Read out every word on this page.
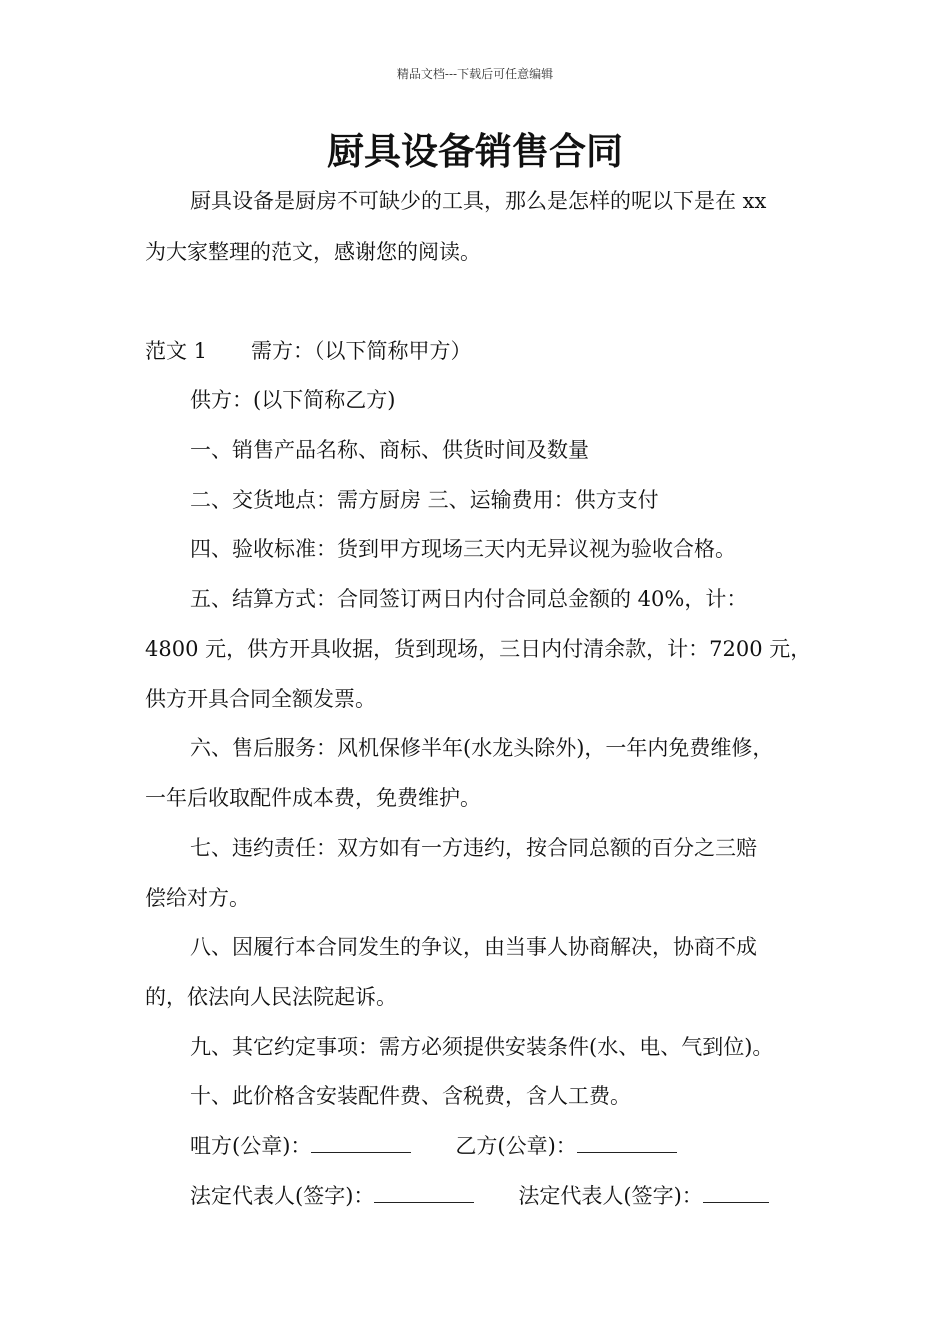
精品文档---下载后可任意编辑
厨具设备销售合同
厨具设备是厨房不可缺少的工具，那么是怎样的呢以下是在 xx
为大家整理的范文，感谢您的阅读。
范文 1 需方：（以下简称甲方）
供方：(以下简称乙方)
一、销售产品名称、商标、供货时间及数量
二、交货地点：需方厨房 三、运输费用：供方支付
四、验收标准：货到甲方现场三天内无异议视为验收合格。
五、结算方式：合同签订两日内付合同总金额的 40%，计：
4800 元，供方开具收据，货到现场，三日内付清余款，计：7200 元，
供方开具合同全额发票。
六、售后服务：风机保修半年(水龙头除外)，一年内免费维修，
一年后收取配件成本费，免费维护。
七、违约责任：双方如有一方违约，按合同总额的百分之三赔
偿给对方。
八、因履行本合同发生的争议，由当事人协商解决，协商不成
的，依法向人民法院起诉。
九、其它约定事项：需方必须提供安装条件(水、电、气到位)。
十、此价格含安装配件费、含税费，含人工费。
咀方(公章)：	乙方(公章)：
法定代表人(签字)：	法定代表人(签字)：
